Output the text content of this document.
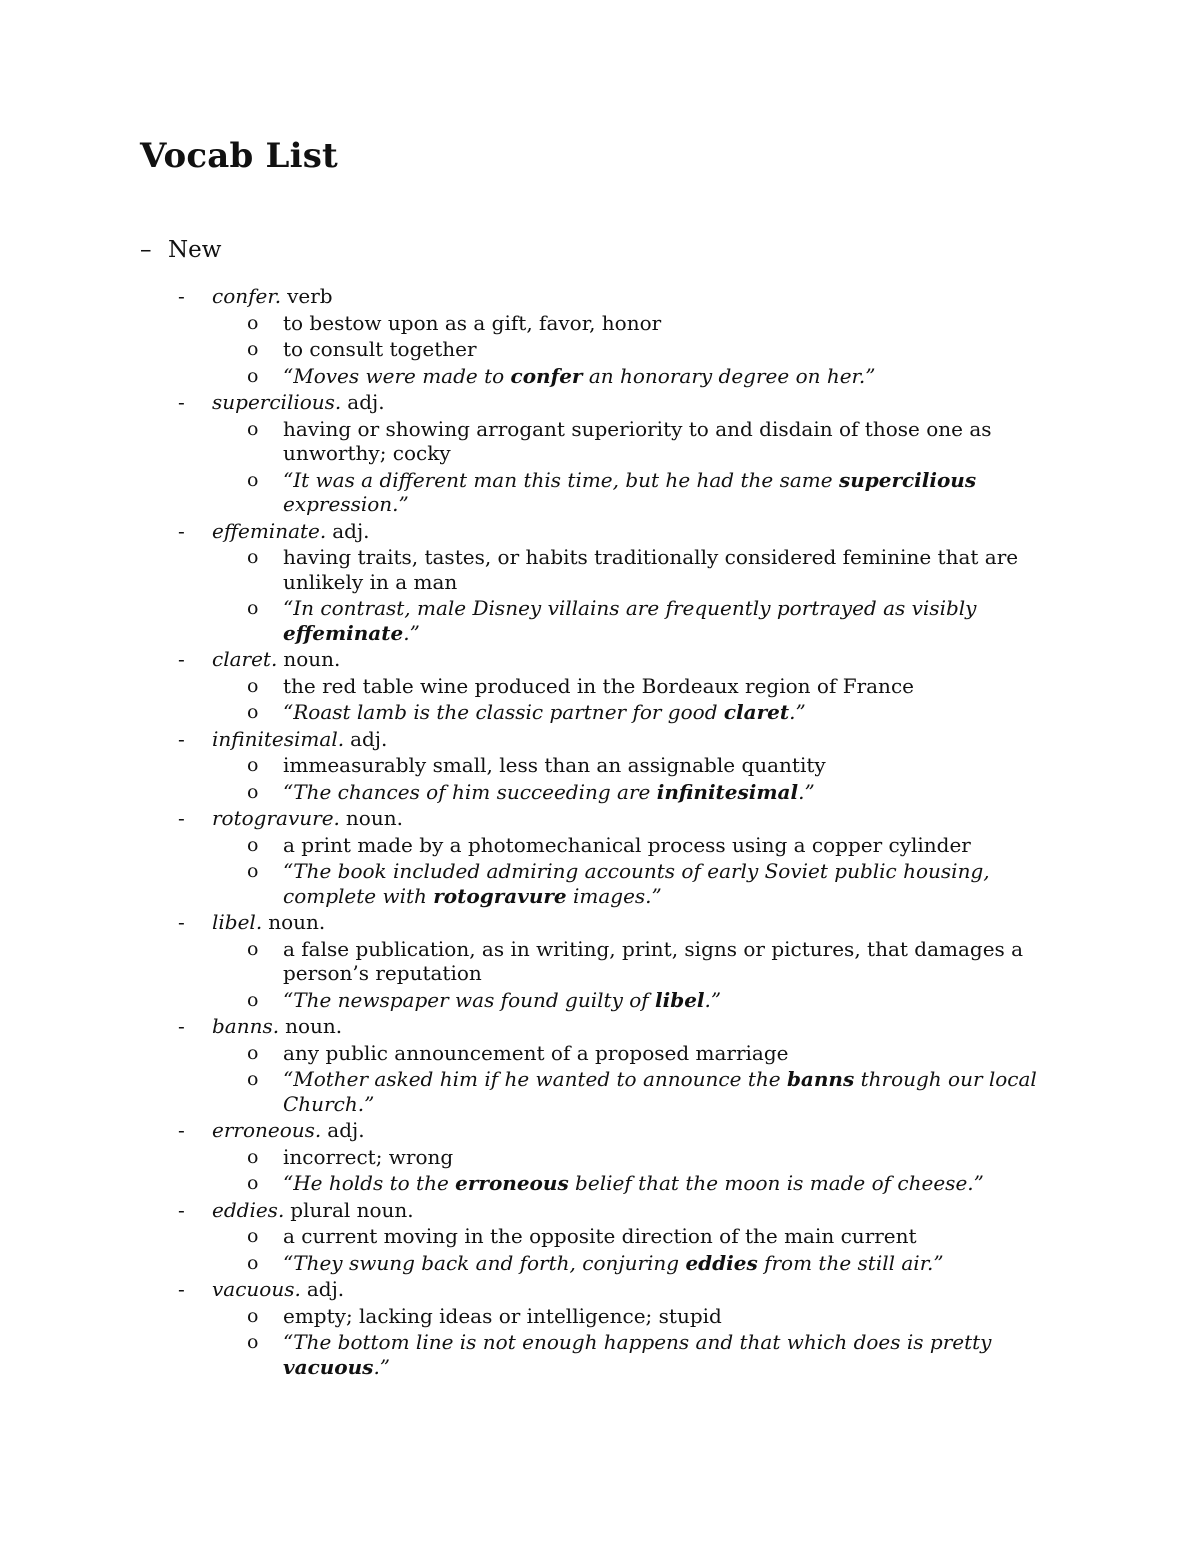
Vocab List
– New
- confer. verb
o to bestow upon as a gift, favor, honor
o to consult together
o “Moves were made to confer an honorary degree on her.”
- supercilious. adj.
o having or showing arrogant superiority to and disdain of those one as unworthy; cocky
o “It was a different man this time, but he had the same supercilious expression.”
- effeminate. adj.
o having traits, tastes, or habits traditionally considered feminine that are unlikely in a man
o “In contrast, male Disney villains are frequently portrayed as visibly effeminate.”
- claret. noun.
o the red table wine produced in the Bordeaux region of France
o “Roast lamb is the classic partner for good claret.”
- infinitesimal. adj.
o immeasurably small, less than an assignable quantity
o “The chances of him succeeding are infinitesimal.”
- rotogravure. noun.
o a print made by a photomechanical process using a copper cylinder
o “The book included admiring accounts of early Soviet public housing, complete with rotogravure images.”
- libel. noun.
o a false publication, as in writing, print, signs or pictures, that damages a person’s reputation
o “The newspaper was found guilty of libel.”
- banns. noun.
o any public announcement of a proposed marriage
o “Mother asked him if he wanted to announce the banns through our local Church.”
- erroneous. adj.
o incorrect; wrong
o “He holds to the erroneous belief that the moon is made of cheese.”
- eddies. plural noun.
o a current moving in the opposite direction of the main current
o “They swung back and forth, conjuring eddies from the still air.”
- vacuous. adj.
o empty; lacking ideas or intelligence; stupid
o “The bottom line is not enough happens and that which does is pretty vacuous.”
